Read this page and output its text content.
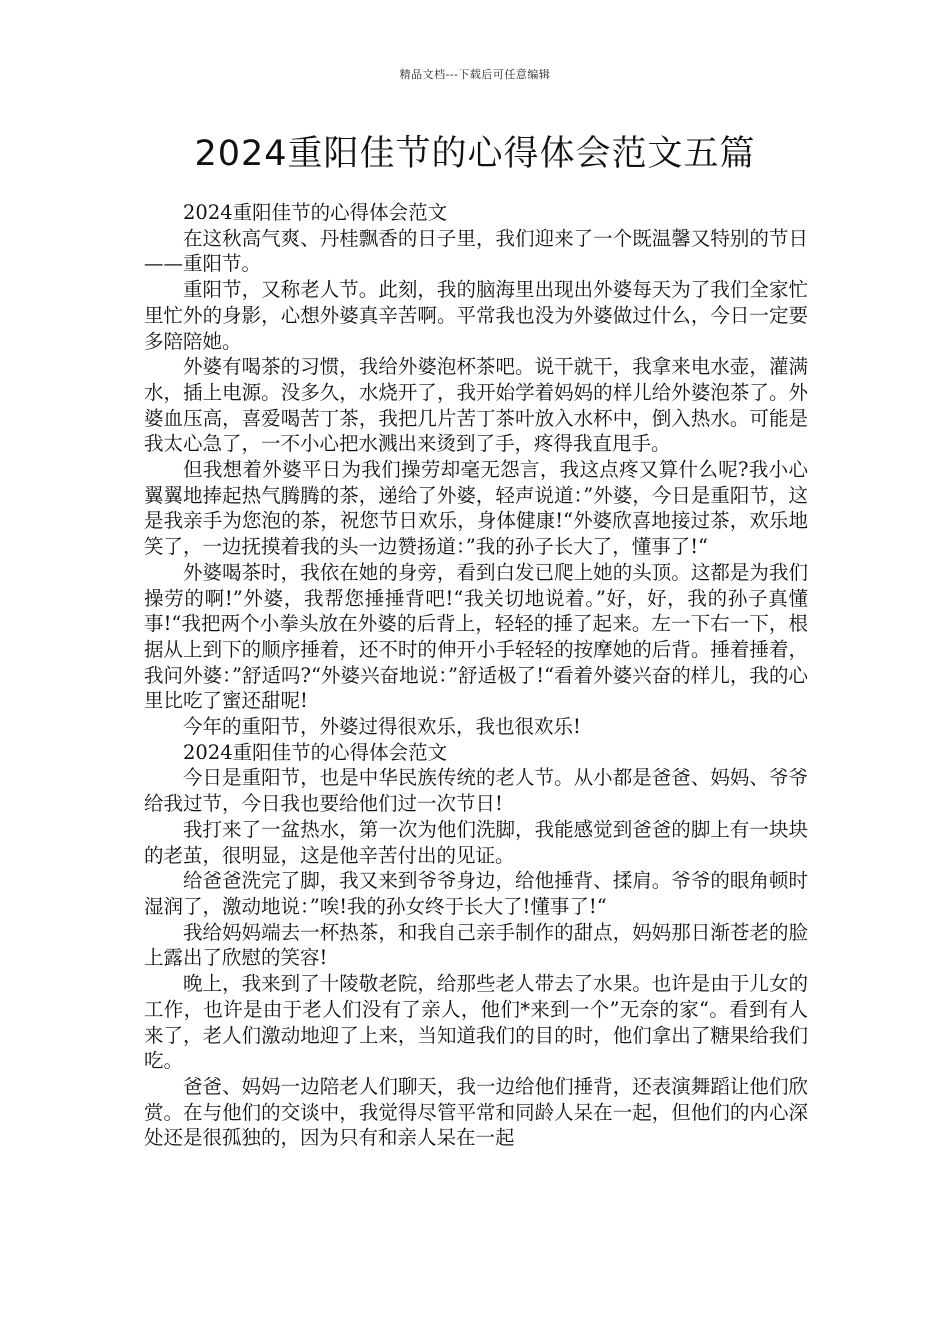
精品文档---下载后可任意编辑
2024重阳佳节的心得体会范文五篇

2024重阳佳节的心得体会范文

在这秋高气爽、丹桂飘香的日子里，我们迎来了一个既温馨又特别的节日——重阳节。

重阳节，又称老人节。此刻，我的脑海里出现出外婆每天为了我们全家忙里忙外的身影，心想外婆真辛苦啊。平常我也没为外婆做过什么，今日一定要多陪陪她。

外婆有喝茶的习惯，我给外婆泡杯茶吧。说干就干，我拿来电水壶，灌满水，插上电源。没多久，水烧开了，我开始学着妈妈的样儿给外婆泡茶了。外婆血压高，喜爱喝苦丁茶，我把几片苦丁茶叶放入水杯中，倒入热水。可能是我太心急了，一不小心把水溅出来烫到了手，疼得我直甩手。

但我想着外婆平日为我们操劳却毫无怨言，我这点疼又算什么呢?我小心翼翼地捧起热气腾腾的茶，递给了外婆，轻声说道：”外婆，今日是重阳节，这是我亲手为您泡的茶，祝您节日欢乐，身体健康!“外婆欣喜地接过茶，欢乐地笑了，一边抚摸着我的头一边赞扬道：”我的孙子长大了，懂事了!“

外婆喝茶时，我依在她的身旁，看到白发已爬上她的头顶。这都是为我们操劳的啊!”外婆，我帮您捶捶背吧!“我关切地说着。”好，好，我的孙子真懂事!“我把两个小拳头放在外婆的后背上，轻轻的捶了起来。左一下右一下，根据从上到下的顺序捶着，还不时的伸开小手轻轻的按摩她的后背。捶着捶着，我问外婆：”舒适吗?“外婆兴奋地说：”舒适极了!“看着外婆兴奋的样儿，我的心里比吃了蜜还甜呢!

今年的重阳节，外婆过得很欢乐，我也很欢乐!

2024重阳佳节的心得体会范文

今日是重阳节，也是中华民族传统的老人节。从小都是爸爸、妈妈、爷爷给我过节，今日我也要给他们过一次节日!

我打来了一盆热水，第一次为他们洗脚，我能感觉到爸爸的脚上有一块块的老茧，很明显，这是他辛苦付出的见证。

给爸爸洗完了脚，我又来到爷爷身边，给他捶背、揉肩。爷爷的眼角顿时湿润了，激动地说：”唉!我的孙女终于长大了!懂事了!“

我给妈妈端去一杯热茶，和我自己亲手制作的甜点，妈妈那日渐苍老的脸上露出了欣慰的笑容!

晚上，我来到了十陵敬老院，给那些老人带去了水果。也许是由于儿女的工作，也许是由于老人们没有了亲人，他们*来到一个”无奈的家“。看到有人来了，老人们激动地迎了上来，当知道我们的目的时，他们拿出了糖果给我们吃。

爸爸、妈妈一边陪老人们聊天，我一边给他们捶背，还表演舞蹈让他们欣赏。在与他们的交谈中，我觉得尽管平常和同龄人呆在一起，但他们的内心深处还是很孤独的，因为只有和亲人呆在一起
